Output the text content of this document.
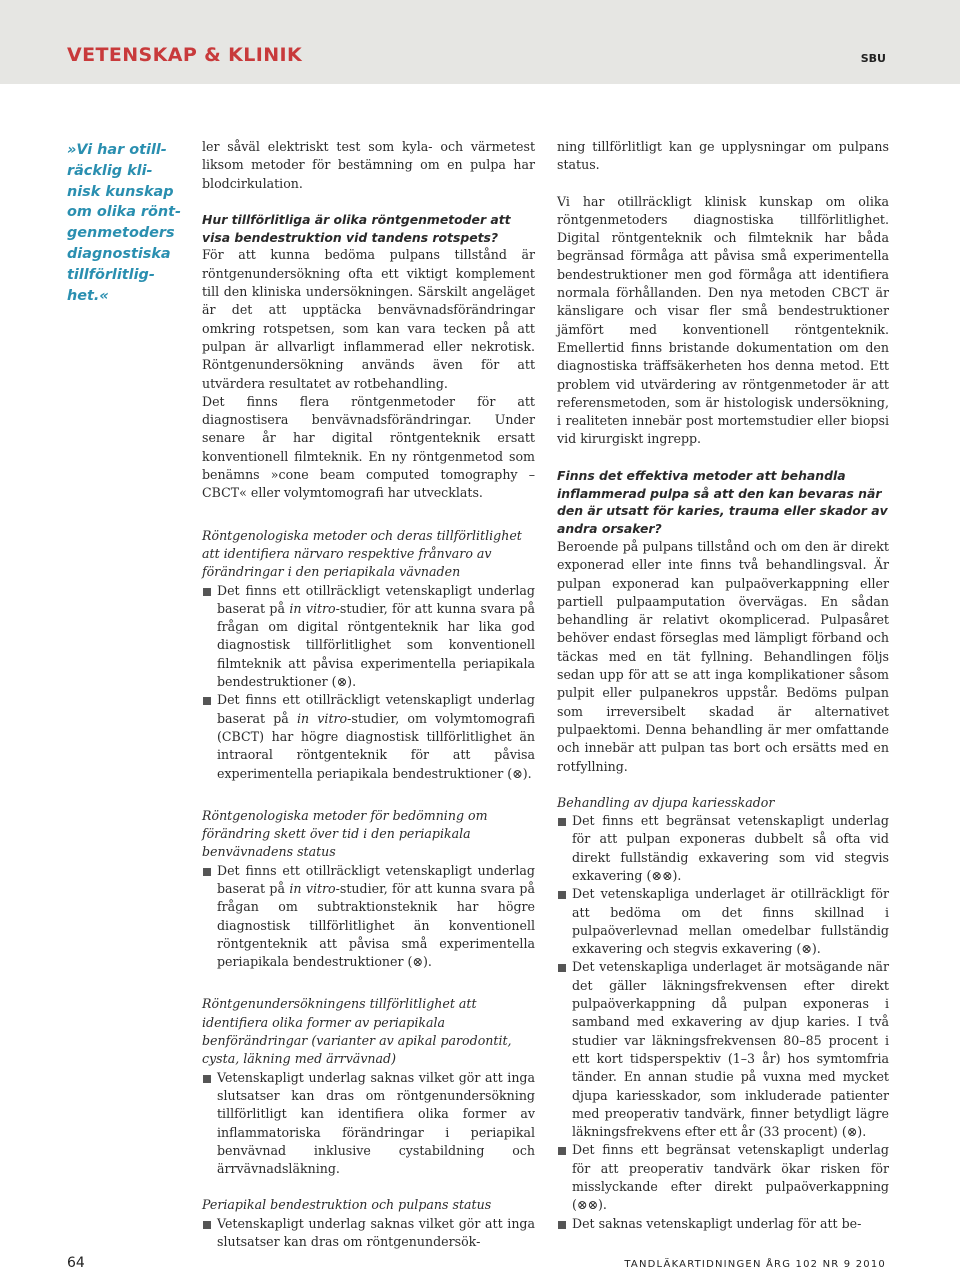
VETENSKAP & KLINIK	SBU
»Vi har otill-
räcklig kli-
nisk kunskap
om olika rönt-
genmetoders
diagnostiska
tillförlitlig-
het.«

ler såväl elektriskt test som kyla- och värmetest liksom metoder för bestämning om en pulpa har blodcirkulation.

Hur tillförlitliga är olika röntgenmetoder att visa bendestruktion vid tandens rotspets?

För att kunna bedöma pulpans tillstånd är röntgenundersökning ofta ett viktigt komplement till den kliniska undersökningen. Särskilt angeläget är det att upptäcka benvävnadsförändringar omkring rotspetsen, som kan vara tecken på att pulpan är allvarligt inflammerad eller nekrotisk. Röntgenundersökning används även för att utvärdera resultatet av rotbehandling.

Det finns flera röntgenmetoder för att diagnostisera benvävnadsförändringar. Under senare år har digital röntgenteknik ersatt konventionell filmteknik. En ny röntgenmetod som benämns »cone beam computed tomography – CBCT« eller volymtomografi har utvecklats.

Röntgenologiska metoder och deras tillförlitlighet att identifiera närvaro respektive frånvaro av förändringar i den periapikala vävnaden

Det finns ett otillräckligt vetenskapligt underlag baserat på in vitro-studier, för att kunna svara på frågan om digital röntgenteknik har lika god diagnostisk tillförlitlighet som konventionell filmteknik att påvisa experimentella periapikala bendestruktioner (⊗).

Det finns ett otillräckligt vetenskapligt underlag baserat på in vitro-studier, om volymtomografi (CBCT) har högre diagnostisk tillförlitlighet än intraoral röntgenteknik för att påvisa experimentella periapikala bendestruktioner (⊗).

Röntgenologiska metoder för bedömning om förändring skett över tid i den periapikala benvävnadens status

Det finns ett otillräckligt vetenskapligt underlag baserat på in vitro-studier, för att kunna svara på frågan om subtraktionsteknik har högre diagnostisk tillförlitlighet än konventionell röntgenteknik att påvisa små experimentella periapikala bendestruktioner (⊗).

Röntgenundersökningens tillförlitlighet att identifiera olika former av periapikala benförändringar (varianter av apikal parodontit, cysta, läkning med ärrvävnad)

Vetenskapligt underlag saknas vilket gör att inga slutsatser kan dras om röntgenundersökning tillförlitligt kan identifiera olika former av inflammatoriska förändringar i periapikal benvävnad inklusive cystabildning och ärrvävnadsläkning.

Periapikal bendestruktion och pulpans status

Vetenskapligt underlag saknas vilket gör att inga slutsatser kan dras om röntgenundersök-

ning tillförlitligt kan ge upplysningar om pulpans status.

Vi har otillräckligt klinisk kunskap om olika röntgenmetoders diagnostiska tillförlitlighet. Digital röntgenteknik och filmteknik har båda begränsad förmåga att påvisa små experimentella bendestruktioner men god förmåga att identifiera normala förhållanden. Den nya metoden CBCT är känsligare och visar fler små bendestruktioner jämfört med konventionell röntgenteknik. Emellertid finns bristande dokumentation om den diagnostiska träffsäkerheten hos denna metod. Ett problem vid utvärdering av röntgenmetoder är att referensmetoden, som är histologisk undersökning, i realiteten innebär post mortemstudier eller biopsi vid kirurgiskt ingrepp.

Finns det effektiva metoder att behandla inflammerad pulpa så att den kan bevaras när den är utsatt för karies, trauma eller skador av andra orsaker?

Beroende på pulpans tillstånd och om den är direkt exponerad eller inte finns två behandlingsval. Är pulpan exponerad kan pulpaöverkappning eller partiell pulpaamputation övervägas. En sådan behandling är relativt okomplicerad. Pulpasåret behöver endast förseglas med lämpligt förband och täckas med en tät fyllning. Behandlingen följs sedan upp för att se att inga komplikationer såsom pulpit eller pulpanekros uppstår. Bedöms pulpan som irreversibelt skadad är alternativet pulpaektomi. Denna behandling är mer omfattande och innebär att pulpan tas bort och ersätts med en rotfyllning.

Behandling av djupa kariesskador

Det finns ett begränsat vetenskapligt underlag för att pulpan exponeras dubbelt så ofta vid direkt fullständig exkavering som vid stegvis exkavering (⊗⊗).

Det vetenskapliga underlaget är otillräckligt för att bedöma om det finns skillnad i pulpaöverlevnad mellan omedelbar fullständig exkavering och stegvis exkavering (⊗).

Det vetenskapliga underlaget är motsägande när det gäller läkningsfrekvensen efter direkt pulpaöverkappning då pulpan exponeras i samband med exkavering av djup karies. I två studier var läkningsfrekvensen 80–85 procent i ett kort tidsperspektiv (1–3 år) hos symtomfria tänder. En annan studie på vuxna med mycket djupa kariesskador, som inkluderade patienter med preoperativ tandvärk, finner betydligt lägre läkningsfrekvens efter ett år (33 procent) (⊗).

Det finns ett begränsat vetenskapligt underlag för att preoperativ tandvärk ökar risken för misslyckande efter direkt pulpaöverkappning (⊗⊗).

Det saknas vetenskapligt underlag för att be-

64	TANDLÄKARTIDNINGEN ÅRG 102 NR 9 2010
